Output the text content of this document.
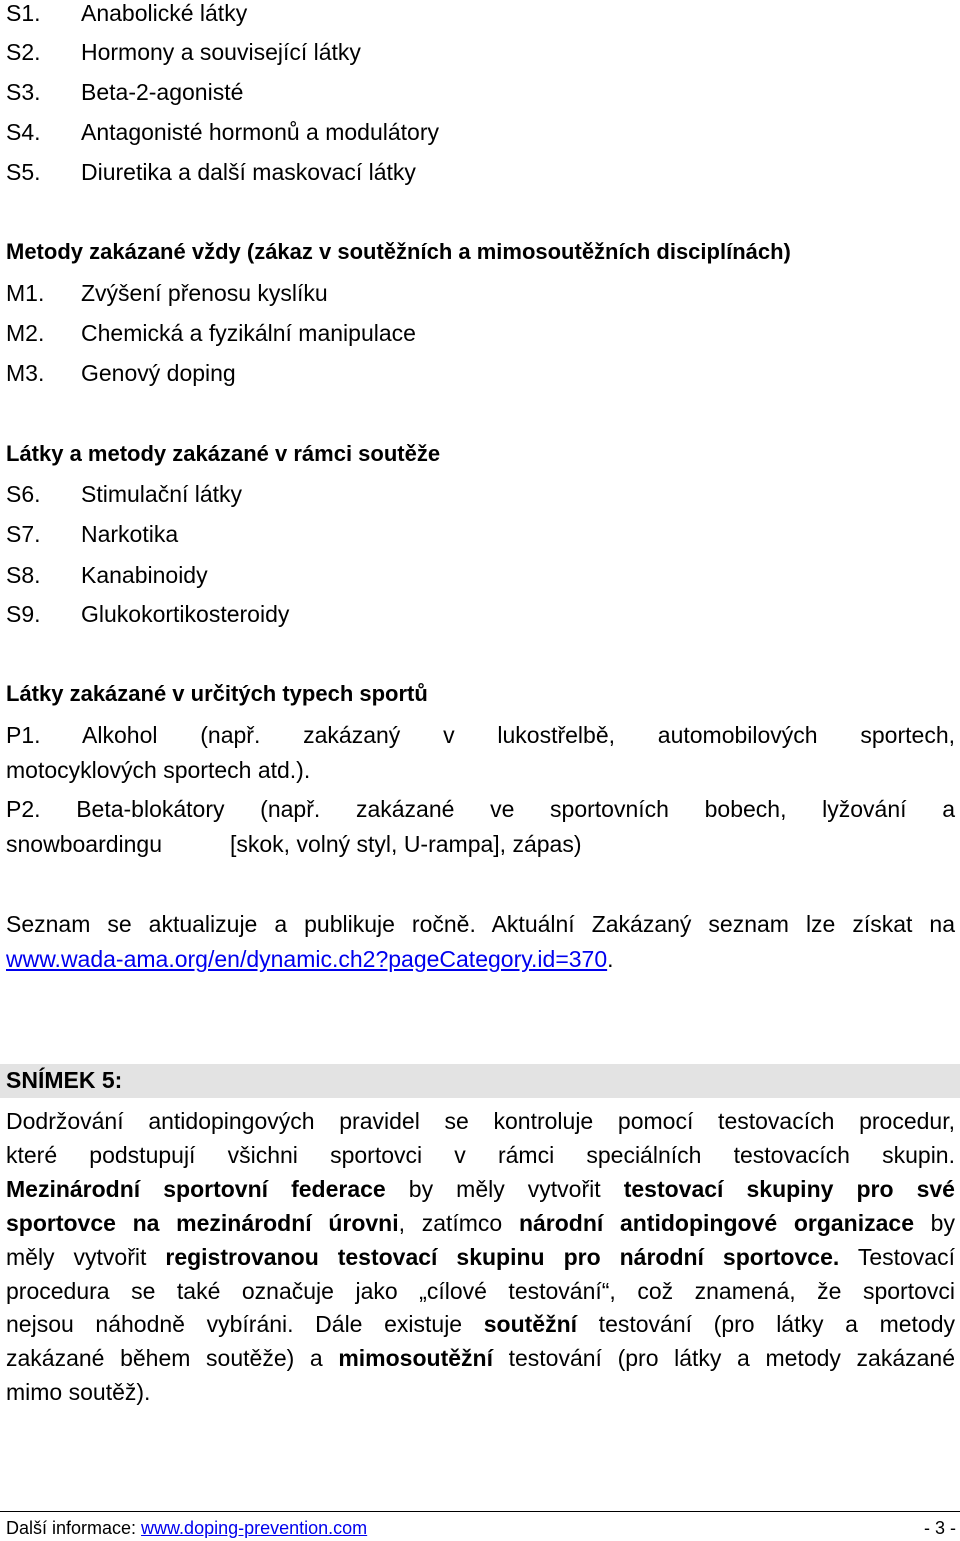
S1. Anabolické látky
S2. Hormony a související látky
S3. Beta-2-agonisté
S4. Antagonisté hormonů a modulátory
S5. Diuretika a další maskovací látky
Metody zakázané vždy (zákaz v soutěžních a mimosoutěžních disciplínách)
M1. Zvýšení přenosu kyslíku
M2. Chemická a fyzikální manipulace
M3. Genový doping
Látky a metody zakázané v rámci soutěže
S6. Stimulační látky
S7. Narkotika
S8. Kanabinoidy
S9. Glukokortikosteroidy
Látky zakázané v určitých typech sportů
P1. Alkohol (např. zakázaný v lukostřelbě, automobilových sportech,
motocyklových sportech atd.).
P2. Beta-blokátory (např. zakázané ve sportovních bobech, lyžování a
snowboardingu	[skok, volný styl, U-rampa], zápas)
Seznam se aktualizuje a publikuje ročně. Aktuální Zakázaný seznam lze získat na
www.wada-ama.org/en/dynamic.ch2?pageCategory.id=370.
SNÍMEK 5:
Dodržování antidopingových pravidel se kontroluje pomocí testovacích procedur,
které podstupují všichni sportovci v rámci speciálních testovacích skupin.
Mezinárodní sportovní federace by měly vytvořit testovací skupiny pro své
sportovce na mezinárodní úrovni, zatímco národní antidopingové organizace by
měly vytvořit registrovanou testovací skupinu pro národní sportovce. Testovací
procedura se také označuje jako „cílové testování“, což znamená, že sportovci
nejsou náhodně vybíráni. Dále existuje soutěžní testování (pro látky a metody
zakázané během soutěže) a mimosoutěžní testování (pro látky a metody zakázané
mimo soutěž).
Další informace: www.doping-prevention.com	- 3 -
